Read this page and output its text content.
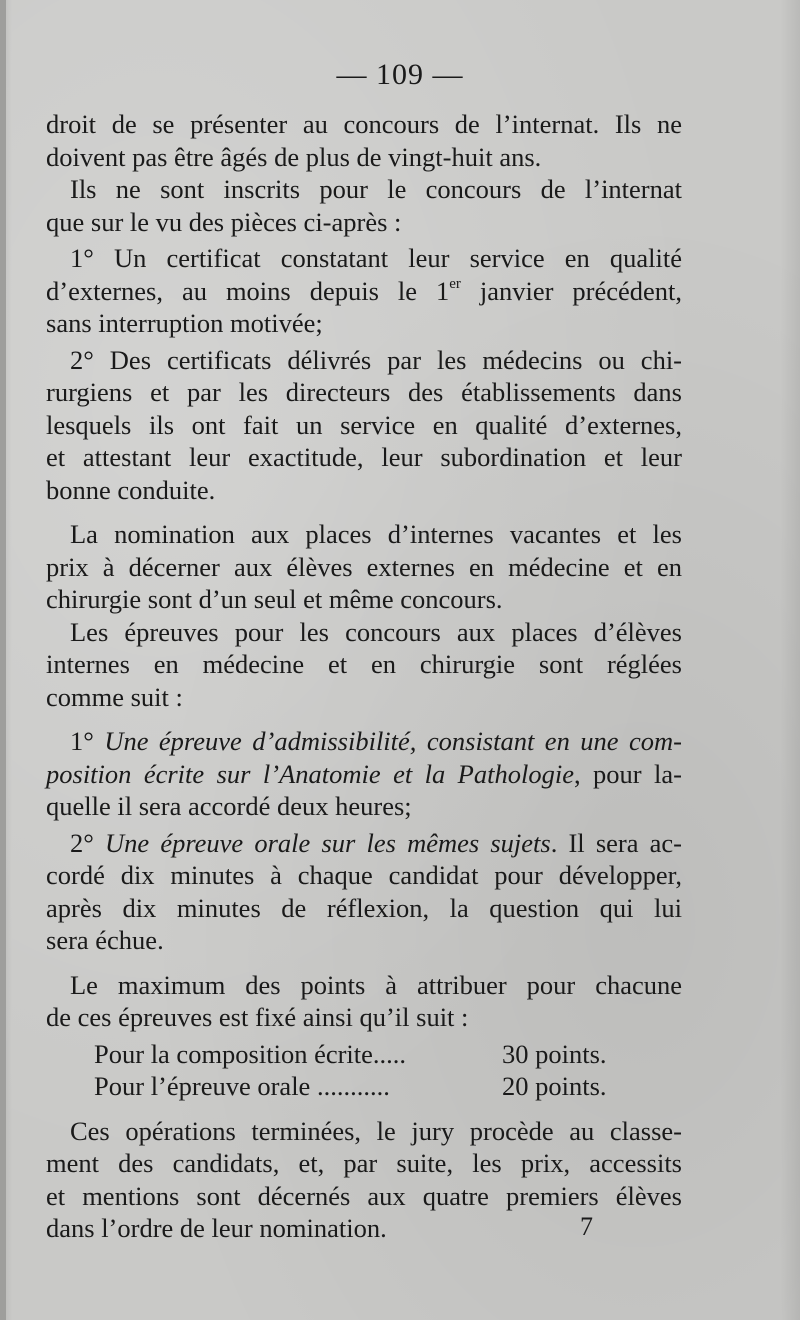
— 109 —
droit de se présenter au concours de l’internat. Ils ne
doivent pas être âgés de plus de vingt-huit ans.
Ils ne sont inscrits pour le concours de l’internat
que sur le vu des pièces ci-après :
1° Un certificat constatant leur service en qualité
d’externes, au moins depuis le 1er janvier précédent,
sans interruption motivée;
2° Des certificats délivrés par les médecins ou chi-
rurgiens et par les directeurs des établissements dans
lesquels ils ont fait un service en qualité d’externes,
et attestant leur exactitude, leur subordination et leur
bonne conduite.
La nomination aux places d’internes vacantes et les
prix à décerner aux élèves externes en médecine et en
chirurgie sont d’un seul et même concours.
Les épreuves pour les concours aux places d’élèves
internes en médecine et en chirurgie sont réglées
comme suit :
1° Une épreuve d’admissibilité, consistant en une com-
position écrite sur l’Anatomie et la Pathologie, pour la-
quelle il sera accordé deux heures;
2° Une épreuve orale sur les mêmes sujets. Il sera ac-
cordé dix minutes à chaque candidat pour développer,
après dix minutes de réflexion, la question qui lui
sera échue.
Le maximum des points à attribuer pour chacune
de ces épreuves est fixé ainsi qu’il suit :
Pour la composition écrite.....	30 points.
Pour l’épreuve orale ...........	20 points.
Ces opérations terminées, le jury procède au classe-
ment des candidats, et, par suite, les prix, accessits
et mentions sont décernés aux quatre premiers élèves
dans l’ordre de leur nomination.	7
